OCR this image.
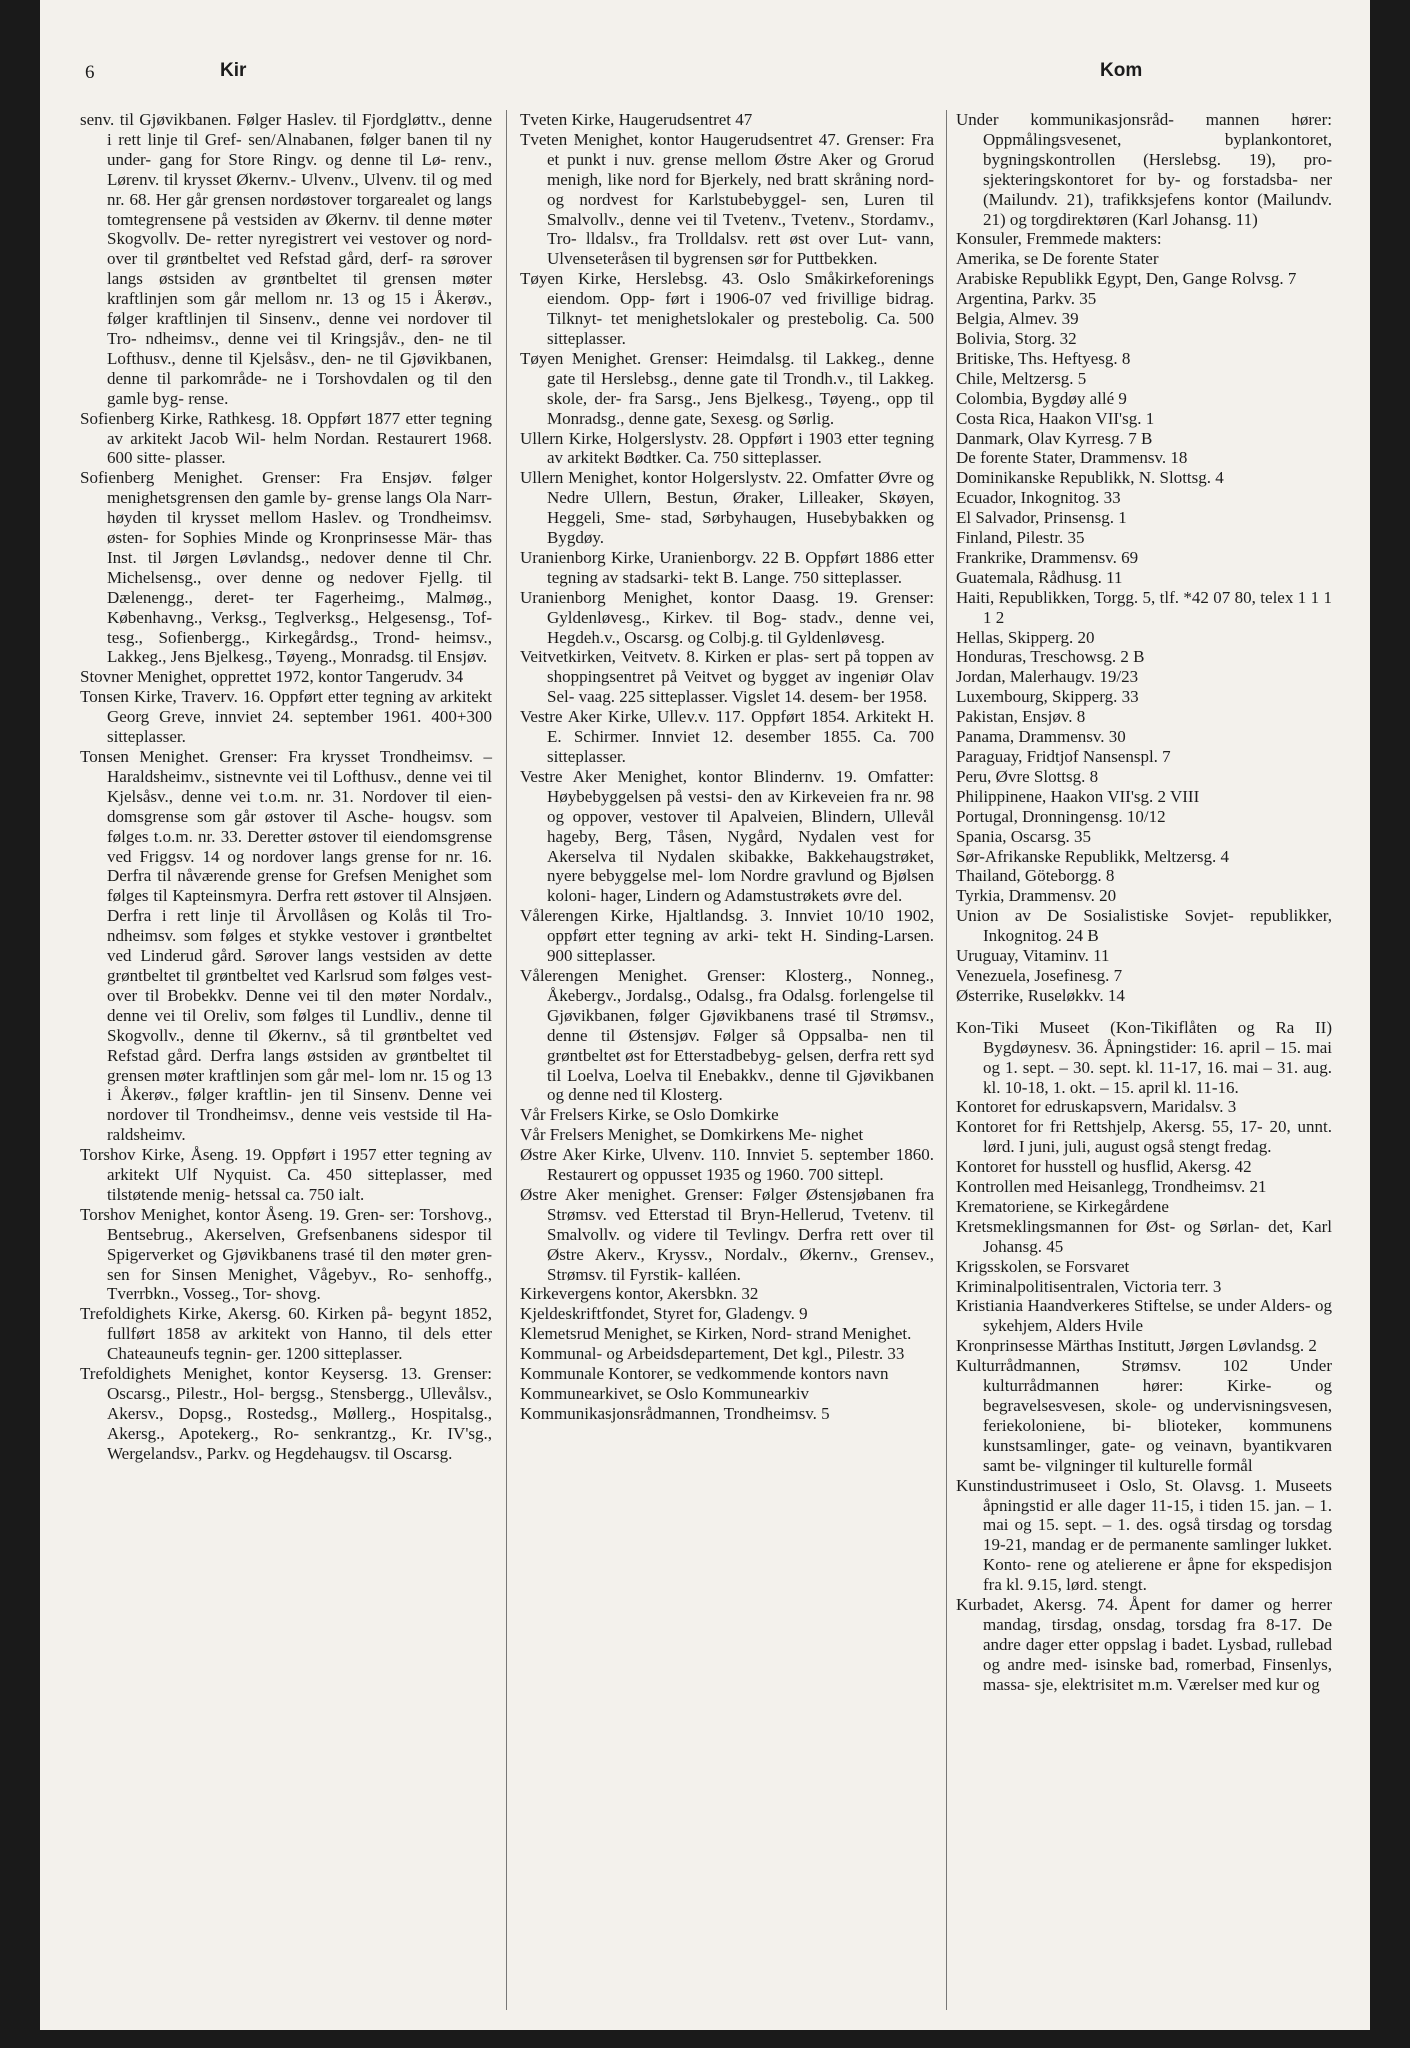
6	Kir	Kom

senv. til Gjøvikbanen. Følger Haslev. til Fjordgløttv., denne i rett linje til Gref- sen/Alnabanen, følger banen til ny under- gang for Store Ringv. og denne til Lø- renv., Lørenv. til krysset Økernv.- Ulvenv., Ulvenv. til og med nr. 68. Her går grensen nordøstover torgarealet og langs tomtegrensene på vestsiden av Økernv. til denne møter Skogvollv. De- retter nyregistrert vei vestover og nord- over til grøntbeltet ved Refstad gård, derf- ra sørover langs østsiden av grøntbeltet til grensen møter kraftlinjen som går mellom nr. 13 og 15 i Åkerøv., følger kraftlinjen til Sinsenv., denne vei nordover til Tro- ndheimsv., denne vei til Kringsjåv., den- ne til Lofthusv., denne til Kjelsåsv., den- ne til Gjøvikbanen, denne til parkområde- ne i Torshovdalen og til den gamle byg- rense.

Sofienberg Kirke, Rathkesg. 18. Oppført 1877 etter tegning av arkitekt Jacob Wil- helm Nordan. Restaurert 1968. 600 sitte- plasser.

Sofienberg Menighet. Grenser: Fra Ensjøv. følger menighetsgrensen den gamle by- grense langs Ola Narr-høyden til krysset mellom Haslev. og Trondheimsv. østen- for Sophies Minde og Kronprinsesse Mär- thas Inst. til Jørgen Løvlandsg., nedover denne til Chr. Michelsensg., over denne og nedover Fjellg. til Dælenengg., deret- ter Fagerheimg., Malmøg., Københavng., Verksg., Teglverksg., Helgesensg., Tof- tesg., Sofienbergg., Kirkegårdsg., Trond- heimsv., Lakkeg., Jens Bjelkesg., Tøyeng., Monradsg. til Ensjøv.

Stovner Menighet, opprettet 1972, kontor Tangerudv. 34

Tonsen Kirke, Traverv. 16. Oppført etter tegning av arkitekt Georg Greve, innviet 24. september 1961. 400+300 sitteplasser.

Tonsen Menighet. Grenser: Fra krysset Trondheimsv. – Haraldsheimv., sistnevnte vei til Lofthusv., denne vei til Kjelsåsv., denne vei t.o.m. nr. 31. Nordover til eien- domsgrense som går østover til Asche- hougsv. som følges t.o.m. nr. 33. Deretter østover til eiendomsgrense ved Friggsv. 14 og nordover langs grense for nr. 16. Derfra til nåværende grense for Grefsen Menighet som følges til Kapteinsmyra. Derfra rett østover til Alnsjøen. Derfra i rett linje til Årvollåsen og Kolås til Tro- ndheimsv. som følges et stykke vestover i grøntbeltet ved Linderud gård. Sørover langs vestsiden av dette grøntbeltet til grøntbeltet ved Karlsrud som følges vest- over til Brobekkv. Denne vei til den møter Nordalv., denne vei til Oreliv, som følges til Lundliv., denne til Skogvollv., denne til Økernv., så til grøntbeltet ved Refstad gård. Derfra langs østsiden av grøntbeltet til grensen møter kraftlinjen som går mel- lom nr. 15 og 13 i Åkerøv., følger kraftlin- jen til Sinsenv. Denne vei nordover til Trondheimsv., denne veis vestside til Ha- raldsheimv.

Torshov Kirke, Åseng. 19. Oppført i 1957 etter tegning av arkitekt Ulf Nyquist. Ca. 450 sitteplasser, med tilstøtende menig- hetssal ca. 750 ialt.

Torshov Menighet, kontor Åseng. 19. Gren- ser: Torshovg., Bentsebrug., Akerselven, Grefsenbanens sidespor til Spigerverket og Gjøvikbanens trasé til den møter gren- sen for Sinsen Menighet, Vågebyv., Ro- senhoffg., Tverrbkn., Vosseg., Tor- shovg.

Trefoldighets Kirke, Akersg. 60. Kirken på- begynt 1852, fullført 1858 av arkitekt von Hanno, til dels etter Chateauneufs tegnin- ger. 1200 sitteplasser.

Trefoldighets Menighet, kontor Keysersg. 13. Grenser: Oscarsg., Pilestr., Hol- bergsg., Stensbergg., Ullevålsv., Akersv., Dopsg., Rostedsg., Møllerg., Hospitalsg., Akersg., Apotekerg., Ro- senkrantzg., Kr. IV'sg., Wergelandsv., Parkv. og Hegdehaugsv. til Oscarsg.

Tveten Kirke, Haugerudsentret 47

Tveten Menighet, kontor Haugerudsentret 47. Grenser: Fra et punkt i nuv. grense mellom Østre Aker og Grorud menigh, like nord for Bjerkely, ned bratt skråning nord- og nordvest for Karlstubebyggel- sen, Luren til Smalvollv., denne vei til Tvetenv., Tvetenv., Stordamv., Tro- lldalsv., fra Trolldalsv. rett øst over Lut- vann, Ulvenseteråsen til bygrensen sør for Puttbekken.

Tøyen Kirke, Herslebsg. 43. Oslo Småkirkeforenings eiendom. Opp- ført i 1906-07 ved frivillige bidrag. Tilknyt- tet menighetslokaler og prestebolig. Ca. 500 sitteplasser.

Tøyen Menighet. Grenser: Heimdalsg. til Lakkeg., denne gate til Herslebsg., denne gate til Trondh.v., til Lakkeg. skole, der- fra Sarsg., Jens Bjelkesg., Tøyeng., opp til Monradsg., denne gate, Sexesg. og Sørlig.

Ullern Kirke, Holgerslystv. 28. Oppført i 1903 etter tegning av arkitekt Bødtker. Ca. 750 sitteplasser.

Ullern Menighet, kontor Holgerslystv. 22. Omfatter Øvre og Nedre Ullern, Bestun, Øraker, Lilleaker, Skøyen, Heggeli, Sme- stad, Sørbyhaugen, Husebybakken og Bygdøy.

Uranienborg Kirke, Uranienborgv. 22 B. Oppført 1886 etter tegning av stadsarki- tekt B. Lange. 750 sitteplasser.

Uranienborg Menighet, kontor Daasg. 19. Grenser: Gyldenløvesg., Kirkev. til Bog- stadv., denne vei, Hegdeh.v., Oscarsg. og Colbj.g. til Gyldenløvesg.

Veitvetkirken, Veitvetv. 8. Kirken er plas- sert på toppen av shoppingsentret på Veitvet og bygget av ingeniør Olav Sel- vaag. 225 sitteplasser. Vigslet 14. desem- ber 1958.

Vestre Aker Kirke, Ullev.v. 117. Oppført 1854. Arkitekt H. E. Schirmer. Innviet 12. desember 1855. Ca. 700 sitteplasser.

Vestre Aker Menighet, kontor Blindernv. 19. Omfatter: Høybebyggelsen på vestsi- den av Kirkeveien fra nr. 98 og oppover, vestover til Apalveien, Blindern, Ullevål hageby, Berg, Tåsen, Nygård, Nydalen vest for Akerselva til Nydalen skibakke, Bakkehaugstrøket, nyere bebyggelse mel- lom Nordre gravlund og Bjølsen koloni- hager, Lindern og Adamstustrøkets øvre del.

Vålerengen Kirke, Hjaltlandsg. 3. Innviet 10/10 1902, oppført etter tegning av arki- tekt H. Sinding-Larsen. 900 sitteplasser.

Vålerengen Menighet. Grenser: Klosterg., Nonneg., Åkebergv., Jordalsg., Odalsg., fra Odalsg. forlengelse til Gjøvikbanen, følger Gjøvikbanens trasé til Strømsv., denne til Østensjøv. Følger så Oppsalba- nen til grøntbeltet øst for Etterstadbebyg- gelsen, derfra rett syd til Loelva, Loelva til Enebakkv., denne til Gjøvikbanen og denne ned til Klosterg.

Vår Frelsers Kirke, se Oslo Domkirke

Vår Frelsers Menighet, se Domkirkens Me- nighet

Østre Aker Kirke, Ulvenv. 110. Innviet 5. september 1860. Restaurert og oppusset 1935 og 1960. 700 sittepl.

Østre Aker menighet. Grenser: Følger Østensjøbanen fra Strømsv. ved Etterstad til Bryn-Hellerud, Tvetenv. til Smalvollv. og videre til Tevlingv. Derfra rett over til Østre Akerv., Kryssv., Nordalv., Økernv., Grensev., Strømsv. til Fyrstik- kalléen.

Kirkevergens kontor, Akersbkn. 32

Kjeldeskriftfondet, Styret for, Gladengv. 9

Klemetsrud Menighet, se Kirken, Nord- strand Menighet.

Kommunal- og Arbeidsdepartement, Det kgl., Pilestr. 33

Kommunale Kontorer, se vedkommende kontors navn

Kommunearkivet, se Oslo Kommunearkiv

Kommunikasjonsrådmannen, Trondheimsv. 5

Under kommunikasjonsråd- mannen hører: Oppmålingsvesenet, byplankontoret, bygningskontrollen (Herslebsg. 19), pro- sjekteringskontoret for by- og forstadsba- ner (Mailundv. 21), trafikksjefens kontor (Mailundv. 21) og torgdirektøren (Karl Johansg. 11)

Konsuler, Fremmede makters:

Amerika, se De forente Stater

Arabiske Republikk Egypt, Den, Gange Rolvsg. 7

Argentina, Parkv. 35

Belgia, Almev. 39

Bolivia, Storg. 32

Britiske, Ths. Heftyesg. 8

Chile, Meltzersg. 5

Colombia, Bygdøy allé 9

Costa Rica, Haakon VII'sg. 1

Danmark, Olav Kyrresg. 7 B

De forente Stater, Drammensv. 18

Dominikanske Republikk, N. Slottsg. 4

Ecuador, Inkognitog. 33

El Salvador, Prinsensg. 1

Finland, Pilestr. 35

Frankrike, Drammensv. 69

Guatemala, Rådhusg. 11

Haiti, Republikken, Torgg. 5, tlf. *42 07 80, telex 1 1 1 1 2

Hellas, Skipperg. 20

Honduras, Treschowsg. 2 B

Jordan, Malerhaugv. 19/23

Luxembourg, Skipperg. 33

Pakistan, Ensjøv. 8

Panama, Drammensv. 30

Paraguay, Fridtjof Nansenspl. 7

Peru, Øvre Slottsg. 8

Philippinene, Haakon VII'sg. 2 VIII

Portugal, Dronningensg. 10/12

Spania, Oscarsg. 35

Sør-Afrikanske Republikk, Meltzersg. 4

Thailand, Göteborgg. 8

Tyrkia, Drammensv. 20

Union av De Sosialistiske Sovjet- republikker, Inkognitog. 24 B

Uruguay, Vitaminv. 11

Venezuela, Josefinesg. 7

Østerrike, Ruseløkkv. 14

Kon-Tiki Museet (Kon-Tikiflåten og Ra II) Bygdøynesv. 36. Åpningstider: 16. april – 15. mai og 1. sept. – 30. sept. kl. 11-17, 16. mai – 31. aug. kl. 10-18, 1. okt. – 15. april kl. 11-16.

Kontoret for edruskapsvern, Maridalsv. 3

Kontoret for fri Rettshjelp, Akersg. 55, 17- 20, unnt. lørd. I juni, juli, august også stengt fredag.

Kontoret for husstell og husflid, Akersg. 42

Kontrollen med Heisanlegg, Trondheimsv. 21

Krematoriene, se Kirkegårdene

Kretsmeklingsmannen for Øst- og Sørlan- det, Karl Johansg. 45

Krigsskolen, se Forsvaret

Kriminalpolitisentralen, Victoria terr. 3

Kristiania Haandverkeres Stiftelse, se under Alders- og sykehjem, Alders Hvile

Kronprinsesse Märthas Institutt, Jørgen Løvlandsg. 2

Kulturrådmannen, Strømsv. 102 Under kulturrådmannen hører: Kirke- og begravelsesvesen, skole- og undervisningsvesen, feriekoloniene, bi- blioteker, kommunens kunstsamlinger, gate- og veinavn, byantikvaren samt be- vilgninger til kulturelle formål

Kunstindustrimuseet i Oslo, St. Olavsg. 1. Museets åpningstid er alle dager 11-15, i tiden 15. jan. – 1. mai og 15. sept. – 1. des. også tirsdag og torsdag 19-21, mandag er de permanente samlinger lukket. Konto- rene og atelierene er åpne for ekspedisjon fra kl. 9.15, lørd. stengt.

Kurbadet, Akersg. 74. Åpent for damer og herrer mandag, tirsdag, onsdag, torsdag fra 8-17. De andre dager etter oppslag i badet. Lysbad, rullebad og andre med- isinske bad, romerbad, Finsenlys, massa- sje, elektrisitet m.m. Værelser med kur og
